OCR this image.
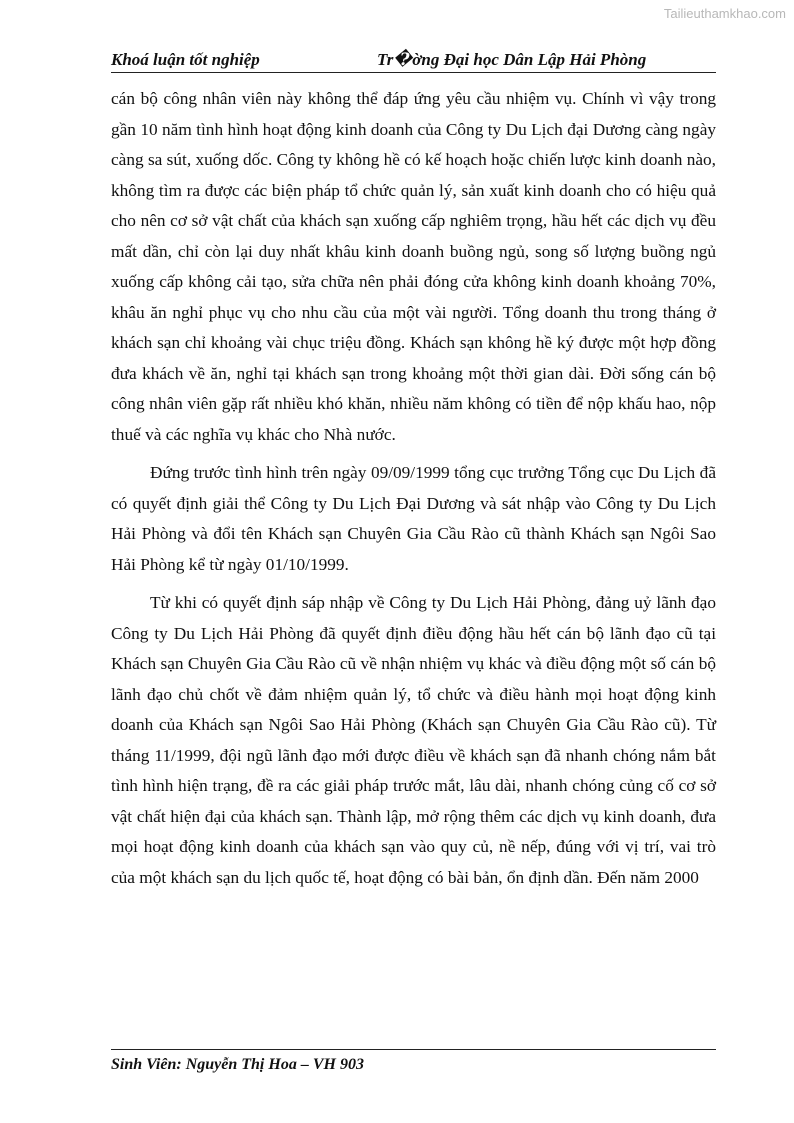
Tailieuthamkhao.com
Khoá luận tốt nghiệp	Tr�ờng Đại học Dân Lập Hải Phòng

cán bộ công nhân viên này không thể đáp ứng yêu cầu nhiệm vụ. Chính vì vậy trong gần 10 năm tình hình hoạt động kinh doanh của Công ty Du Lịch đại Dương càng ngày càng sa sút, xuống dốc. Công ty không hề có kế hoạch hoặc chiến lược kinh doanh nào, không tìm ra được các biện pháp tổ chức quản lý, sản xuất kinh doanh cho có hiệu quả cho nên cơ sở vật chất của khách sạn xuống cấp nghiêm trọng, hầu hết các dịch vụ đều mất dần, chỉ còn lại duy nhất khâu kinh doanh buồng ngủ, song số lượng buồng ngủ xuống cấp không cải tạo, sửa chữa nên phải đóng cửa không kinh doanh khoảng 70%, khâu ăn nghỉ phục vụ cho nhu cầu của một vài người. Tổng doanh thu trong tháng ở khách sạn chỉ khoảng vài chục triệu đồng. Khách sạn không hề ký được một hợp đồng đưa khách về ăn, nghỉ tại khách sạn trong khoảng một thời gian dài. Đời sống cán bộ công nhân viên gặp rất nhiều khó khăn, nhiều năm không có tiền để nộp khấu hao, nộp thuế và các nghĩa vụ khác cho Nhà nước.

Đứng trước tình hình trên ngày 09/09/1999 tổng cục trưởng Tổng cục Du Lịch đã có quyết định giải thể Công ty Du Lịch Đại Dương và sát nhập vào Công ty Du Lịch Hải Phòng và đổi tên Khách sạn Chuyên Gia Cầu Rào cũ thành Khách sạn Ngôi Sao Hải Phòng kể từ ngày 01/10/1999.

Từ khi có quyết định sáp nhập về Công ty Du Lịch Hải Phòng, đảng uỷ lãnh đạo Công ty Du Lịch Hải Phòng đã quyết định điều động hầu hết cán bộ lãnh đạo cũ tại Khách sạn Chuyên Gia Cầu Rào cũ về nhận nhiệm vụ khác và điều động một số cán bộ lãnh đạo chủ chốt về đảm nhiệm quản lý, tổ chức và điều hành mọi hoạt động kinh doanh của Khách sạn Ngôi Sao Hải Phòng (Khách sạn Chuyên Gia Cầu Rào cũ). Từ tháng 11/1999, đội ngũ lãnh đạo mới được điều về khách sạn đã nhanh chóng nắm bắt tình hình hiện trạng, đề ra các giải pháp trước mắt, lâu dài, nhanh chóng củng cố cơ sở vật chất hiện đại của khách sạn. Thành lập, mở rộng thêm các dịch vụ kinh doanh, đưa mọi hoạt động kinh doanh của khách sạn vào quy củ, nề nếp, đúng với vị trí, vai trò của một khách sạn du lịch quốc tế, hoạt động có bài bản, ổn định dần. Đến năm 2000

Sinh Viên: Nguyễn Thị Hoa – VH 903
